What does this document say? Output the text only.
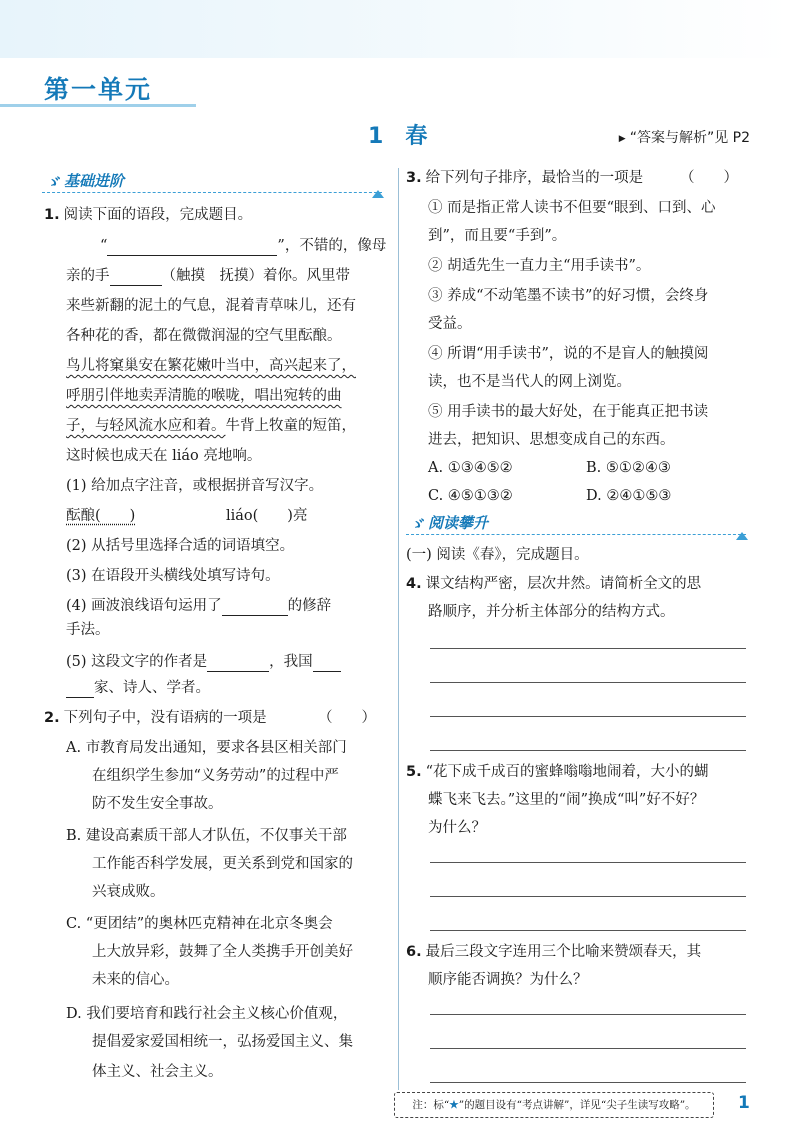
第一单元
1 春	▶ “答案与解析”见 P2
ゞ 基础进阶
1. 阅读下面的语段，完成题目。
“	”，不错的，像母
亲的手	（触摸　抚摸）着你。风里带
来些新翻的泥土的气息，混着青草味儿，还有
各种花的香，都在微微润湿的空气里酝酿。
鸟儿将窠巢安在繁花嫩叶当中，高兴起来了，
呼朋引伴地卖弄清脆的喉咙，唱出宛转的曲
子，与轻风流水应和着。牛背上牧童的短笛，
这时候也成天在 liáo 亮地响。
(1) 给加点字注音，或根据拼音写汉字。
酝酿(　　)	liáo(　　)亮
(2) 从括号里选择合适的词语填空。
(3) 在语段开头横线处填写诗句。
(4) 画波浪线语句运用了	的修辞
手法。
(5) 这段文字的作者是	，我国
家、诗人、学者。
2. 下列句子中，没有语病的一项是	（　　）
A. 市教育局发出通知，要求各县区相关部门
在组织学生参加“义务劳动”的过程中严
防不发生安全事故。
B. 建设高素质干部人才队伍，不仅事关干部
工作能否科学发展，更关系到党和国家的
兴衰成败。
C. “更团结”的奥林匹克精神在北京冬奥会
上大放异彩，鼓舞了全人类携手开创美好
未来的信心。
D. 我们要培育和践行社会主义核心价值观，
提倡爱家爱国相统一，弘扬爱国主义、集
体主义、社会主义。
3. 给下列句子排序，最恰当的一项是	（　　）
① 而是指正常人读书不但要“眼到、口到、心
到”，而且要“手到”。
② 胡适先生一直力主“用手读书”。
③ 养成“不动笔墨不读书”的好习惯，会终身
受益。
④ 所谓“用手读书”，说的不是盲人的触摸阅
读，也不是当代人的网上浏览。
⑤ 用手读书的最大好处，在于能真正把书读
进去，把知识、思想变成自己的东西。
A. ①③④⑤②	B. ⑤①②④③
C. ④⑤①③②	D. ②④①⑤③
ゞ 阅读攀升
(一) 阅读《春》，完成题目。
4. 课文结构严密，层次井然。请简析全文的思
路顺序，并分析主体部分的结构方式。
5. “花下成千成百的蜜蜂嗡嗡地闹着，大小的蝴
蝶飞来飞去。”这里的“闹”换成“叫”好不好？
为什么？
6. 最后三段文字连用三个比喻来赞颂春天，其
顺序能否调换？为什么？
注：标“★”的题目设有“考点讲解”，详见“尖子生读写攻略”。	1
